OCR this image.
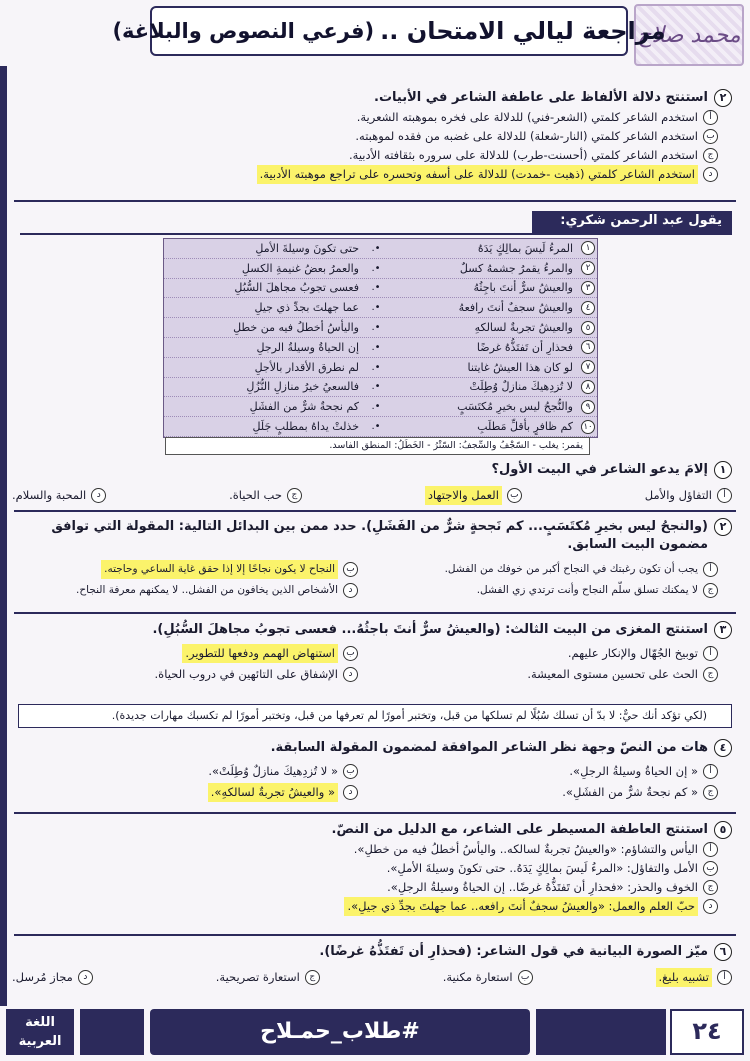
محمد صلاح
مراجعة ليالي الامتحان ..
(فرعي النصوص والبلاغة)
٢
استنتج دلالة الألفاظ على عاطفة الشاعر في الأبيات.
أ
استخدم الشاعر كلمتي (الشعر-فني) للدلالة على فخره بموهبته الشعرية.
ب
استخدم الشاعر كلمتي (النار-شعلة) للدلالة على غضبه من فقده لموهبته.
ج
استخدم الشاعر كلمتي (أحسنت-طرب) للدلالة على سروره بثقافته الأدبية.
د
استخدم الشاعر كلمتي (ذهبت -خمدت) للدلالة على أسفه وتحسره على تراجع موهبته الأدبية.
يقول عبد الرحمن شكري:
١
المرءُ لَيسَ بمالِكٍ يَدَهُ
•.
حتى تكونَ وسيلةَ الأملِ
٢
والمرءُ يقمرُ جشمهُ كسلٌ
•.
والعمرُ بعضُ غنيمةِ الكسلِ
٣
والعيشُ سرٌّ أنتَ باجِثُهُ
•.
فعسى تجوبُ مجاهلَ السُّبُلِ
٤
والعيشُ سجفٌ أنتَ رافعهُ
•.
عما جهلتَ بجدِّ ذي جيلِ
٥
والعيشُ تجربةٌ لسالكهِ
•.
واليأسُ أخطلُ فيه من خطلِ
٦
فحذارِ أن تَفتَذُّهُ غرضًا
•.
إن الحياةُ وسيلةُ الرجلِ
٧
لو كان هذا العيشُ غايتنا
•.
لم نطرق الأقدار بالأجلِ
٨
لا تُزدِهيكَ منازلٌ وُطِلَتْ
•.
فالسعيُ خيرُ منازلِ النُّزُلِ
٩
والنُّجحُ ليس بخيرِ مُكتَسَبٍ
•.
كم نجحةٌ شرٌّ من الفشَلِ
١٠
كم ظافرٍ بأقلِّ مَطلَبِ
•.
خذلتْ يداهُ بمطلبٍ جَلَلِ
يقمر: يغلب - السّجْفُ والسِّجفُ: السّتْرُ - الخَطَلُ: المنطق الفاسد.
١
إلامَ يدعو الشاعر في البيت الأول؟
أ
التفاؤل والأمل
ب
العمل والاجتهاد
ج
حب الحياة.
د
المحبة والسلام.
٢
(والنجحُ ليس بخيرِ مُكتَسَبٍ... كم نَجحةٍ شرٌّ من الفَشَلِ). حدد ممن بين البدائل التالية: المقولة التي توافق مضمون البيت السابق.
أ
يجب أن تكون رغبتك في النجاح أكبر من خوفك من الفشل.
ب
النجاح لا يكون نجاحًا إلا إذا حقق غاية الساعي وحاجته.
ج
لا يمكنك تسلق سلّم النجاح وأنت ترتدي زي الفشل.
د
الأشخاص الذين يخافون من الفشل.. لا يمكنهم معرفة النجاح.
٣
استنتج المغزى من البيت الثالث: (والعيشُ سرٌّ أنتَ باجثُهُ... فعسى تجوبُ مجاهلَ السُّبُلِ).
أ
توبيخ الجُهّال والإنكار عليهم.
ب
استنهاض الهمم ودفعها للتطوير.
ج
الحث على تحسين مستوى المعيشة.
د
الإشفاق على التائهين في دروب الحياة.
(لكي تؤكد أنك حيٌّ: لا بدّ أن تسلك سُبُلًا لم تسلكها من قبل، وتختبر أمورًا لم تعرفها من قبل، وتختبر أمورًا لم تكسبك مهارات جديدة).
٤
هات من النصّ وجهة نظر الشاعر الموافقة لمضمون المقولة السابقة.
أ
« إن الحياةُ وسيلةُ الرجلِ».
ب
« لا تُزدِهيكَ منازلٌ وُطِلَتْ».
ج
« كم نجحةٌ شرٌّ من الفشَلِ».
د
« والعيشُ تجربةٌ لسالكهِ».
٥
استنتج العاطفة المسيطر على الشاعر، مع الدليل من النصّ.
أ
اليأس والتشاؤم: «والعيشُ تجربةٌ لسالكه.. واليأسُ أخطلُ فيه من خطلِ».
ب
الأمل والتفاؤل: «المرءُ لَيسَ بمالِكٍ يَدَهُ.. حتى تكونَ وسيلةَ الأملِ».
ج
الخوف والحذر: «فحذارِ أن تَفتَذُّهُ غرضًا.. إن الحياةُ وسيلةُ الرجلِ».
د
حبّ العلم والعمل: «والعيشُ سجفٌ أنتَ رافعه.. عما جهلتَ بجدِّ ذي جيلِ».
٦
ميّز الصورة البيانية في قول الشاعر: (فحذارِ أن تَفتَذُّهُ غرضًا).
أ
تشبيه بليغ.
ب
استعارة مكنية.
ج
استعارة تصريحية.
د
مجاز مُرسل.
٢٤
#طلاب_حمـلاح
اللغة العربية
